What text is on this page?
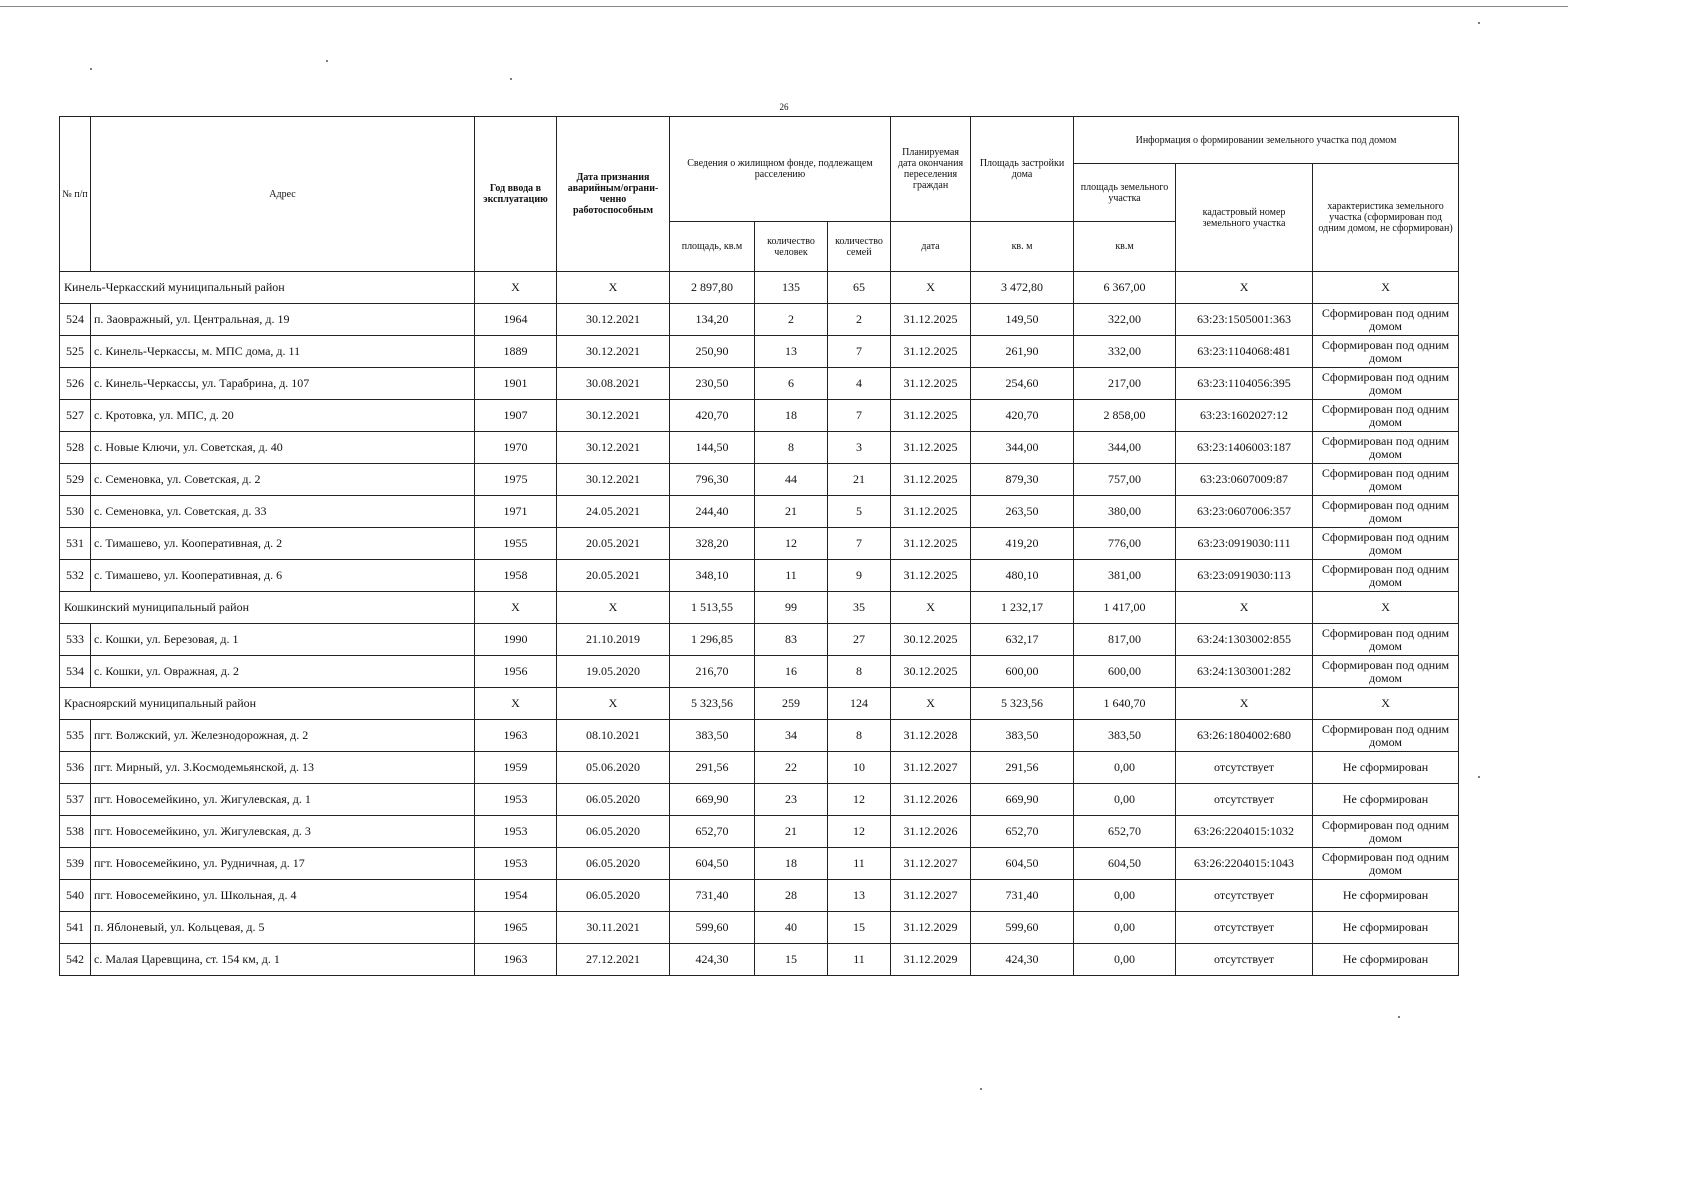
26
№ п/п Адрес		Год ввода в эксплуатацию	Дата признания аварийным/ограни-ченно работоспособным	Сведения о жилищном фонде, подлежащем расселению			Планируемая дата окончания переселения граждан	Площадь застройки дома	Информация о формировании земельного участка под домом		
									площадь земельного участка	кадастровый номер земельного участка	характеристика земельного участка (сформирован под одним домом, не сформирован)
				площадь, кв.м	количество человек	количество семей	дата	кв. м	кв.м		
Кинель-Черкасский муниципальный район		X	X	2 897,80	135	65	X	3 472,80	6 367,00	X	X
524	п. Заовражный, ул. Центральная, д. 19	1964	30.12.2021	134,20	2	2	31.12.2025	149,50	322,00	63:23:1505001:363	Сформирован под одним домом
525	с. Кинель-Черкассы, м. МПС дома, д. 11	1889	30.12.2021	250,90	13	7	31.12.2025	261,90	332,00	63:23:1104068:481	Сформирован под одним домом
526	с. Кинель-Черкассы, ул. Тарабрина, д. 107	1901	30.08.2021	230,50	6	4	31.12.2025	254,60	217,00	63:23:1104056:395	Сформирован под одним домом
527	с. Кротовка, ул. МПС, д. 20	1907	30.12.2021	420,70	18	7	31.12.2025	420,70	2 858,00	63:23:1602027:12	Сформирован под одним домом
528	с. Новые Ключи, ул. Советская, д. 40	1970	30.12.2021	144,50	8	3	31.12.2025	344,00	344,00	63:23:1406003:187	Сформирован под одним домом
529	с. Семеновка, ул. Советская, д. 2	1975	30.12.2021	796,30	44	21	31.12.2025	879,30	757,00	63:23:0607009:87	Сформирован под одним домом
530	с. Семеновка, ул. Советская, д. 33	1971	24.05.2021	244,40	21	5	31.12.2025	263,50	380,00	63:23:0607006:357	Сформирован под одним домом
531	с. Тимашево, ул. Кооперативная, д. 2	1955	20.05.2021	328,20	12	7	31.12.2025	419,20	776,00	63:23:0919030:111	Сформирован под одним домом
532	с. Тимашево, ул. Кооперативная, д. 6	1958	20.05.2021	348,10	11	9	31.12.2025	480,10	381,00	63:23:0919030:113	Сформирован под одним домом
Кошкинский муниципальный район		X	X	1 513,55	99	35	X	1 232,17	1 417,00	X	X
533	с. Кошки, ул. Березовая, д. 1	1990	21.10.2019	1 296,85	83	27	30.12.2025	632,17	817,00	63:24:1303002:855	Сформирован под одним домом
534	с. Кошки, ул. Овражная, д. 2	1956	19.05.2020	216,70	16	8	30.12.2025	600,00	600,00	63:24:1303001:282	Сформирован под одним домом
Красноярский муниципальный район		X	X	5 323,56	259	124	X	5 323,56	1 640,70	X	X
535	пгт. Волжский, ул. Железнодорожная, д. 2	1963	08.10.2021	383,50	34	8	31.12.2028	383,50	383,50	63:26:1804002:680	Сформирован под одним домом
536	пгт. Мирный, ул. З.Космодемьянской, д. 13	1959	05.06.2020	291,56	22	10	31.12.2027	291,56	0,00	отсутствует	Не сформирован
537	пгт. Новосемейкино, ул. Жигулевская, д. 1	1953	06.05.2020	669,90	23	12	31.12.2026	669,90	0,00	отсутствует	Не сформирован
538	пгт. Новосемейкино, ул. Жигулевская, д. 3	1953	06.05.2020	652,70	21	12	31.12.2026	652,70	652,70	63:26:2204015:1032	Сформирован под одним домом
539	пгт. Новосемейкино, ул. Рудничная, д. 17	1953	06.05.2020	604,50	18	11	31.12.2027	604,50	604,50	63:26:2204015:1043	Сформирован под одним домом
540	пгт. Новосемейкино, ул. Школьная, д. 4	1954	06.05.2020	731,40	28	13	31.12.2027	731,40	0,00	отсутствует	Не сформирован
541	п. Яблоневый, ул. Кольцевая, д. 5	1965	30.11.2021	599,60	40	15	31.12.2029	599,60	0,00	отсутствует	Не сформирован
542	с. Малая Царевщина, ст. 154 км, д. 1	1963	27.12.2021	424,30	15	11	31.12.2029	424,30	0,00	отсутствует	Не сформирован
